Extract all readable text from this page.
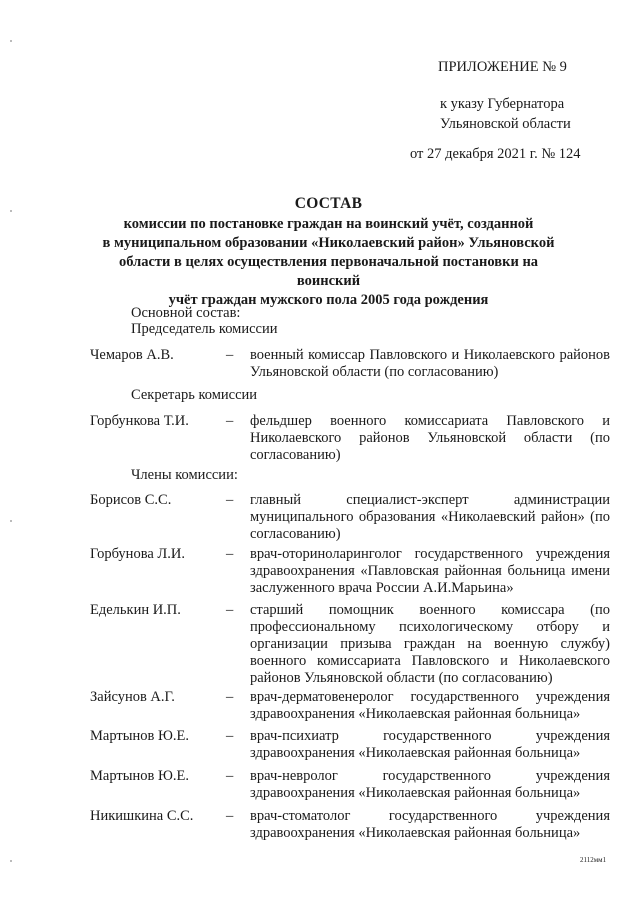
ПРИЛОЖЕНИЕ № 9
к указу Губернатора
Ульяновской области
от 27 декабря 2021 г. № 124
СОСТАВ
комиссии по постановке граждан на воинский учёт, созданной
в муниципальном образовании «Николаевский район» Ульяновской
области в целях осуществления первоначальной постановки на воинский
учёт граждан мужского пола 2005 года рождения
Основной состав:
Председатель комиссии
Чемаров А.В.	– военный комиссар Павловского и Николаевского районов Ульяновской области (по согласованию)
Секретарь комиссии
Горбункова Т.И.	– фельдшер военного комиссариата Павловского и Николаевского районов Ульяновской области (по согласованию)
Члены комиссии:
Борисов С.С.	– главный специалист-эксперт администрации муниципального образования «Николаевский район» (по согласованию)
Горбунова Л.И.	– врач-оториноларинголог государственного учреждения здравоохранения «Павловская районная больница имени заслуженного врача России А.И.Марьина»
Еделькин И.П.	– старший помощник военного комиссара (по профессиональному психологическому отбору и организации призыва граждан на военную службу) военного комиссариата Павловского и Николаевского районов Ульяновской области (по согласованию)
Зайсунов А.Г.	– врач-дерматовенеролог государственного учреждения здравоохранения «Николаевская районная больница»
Мартынов Ю.Е.	– врач-психиатр государственного учреждения здравоохранения «Николаевская районная больница»
Мартынов Ю.Е.	– врач-невролог государственного учреждения здравоохранения «Николаевская районная больница»
Никишкина С.С. – врач-стоматолог государственного учреждения здравоохранения «Николаевская районная больница»
2112мм1
